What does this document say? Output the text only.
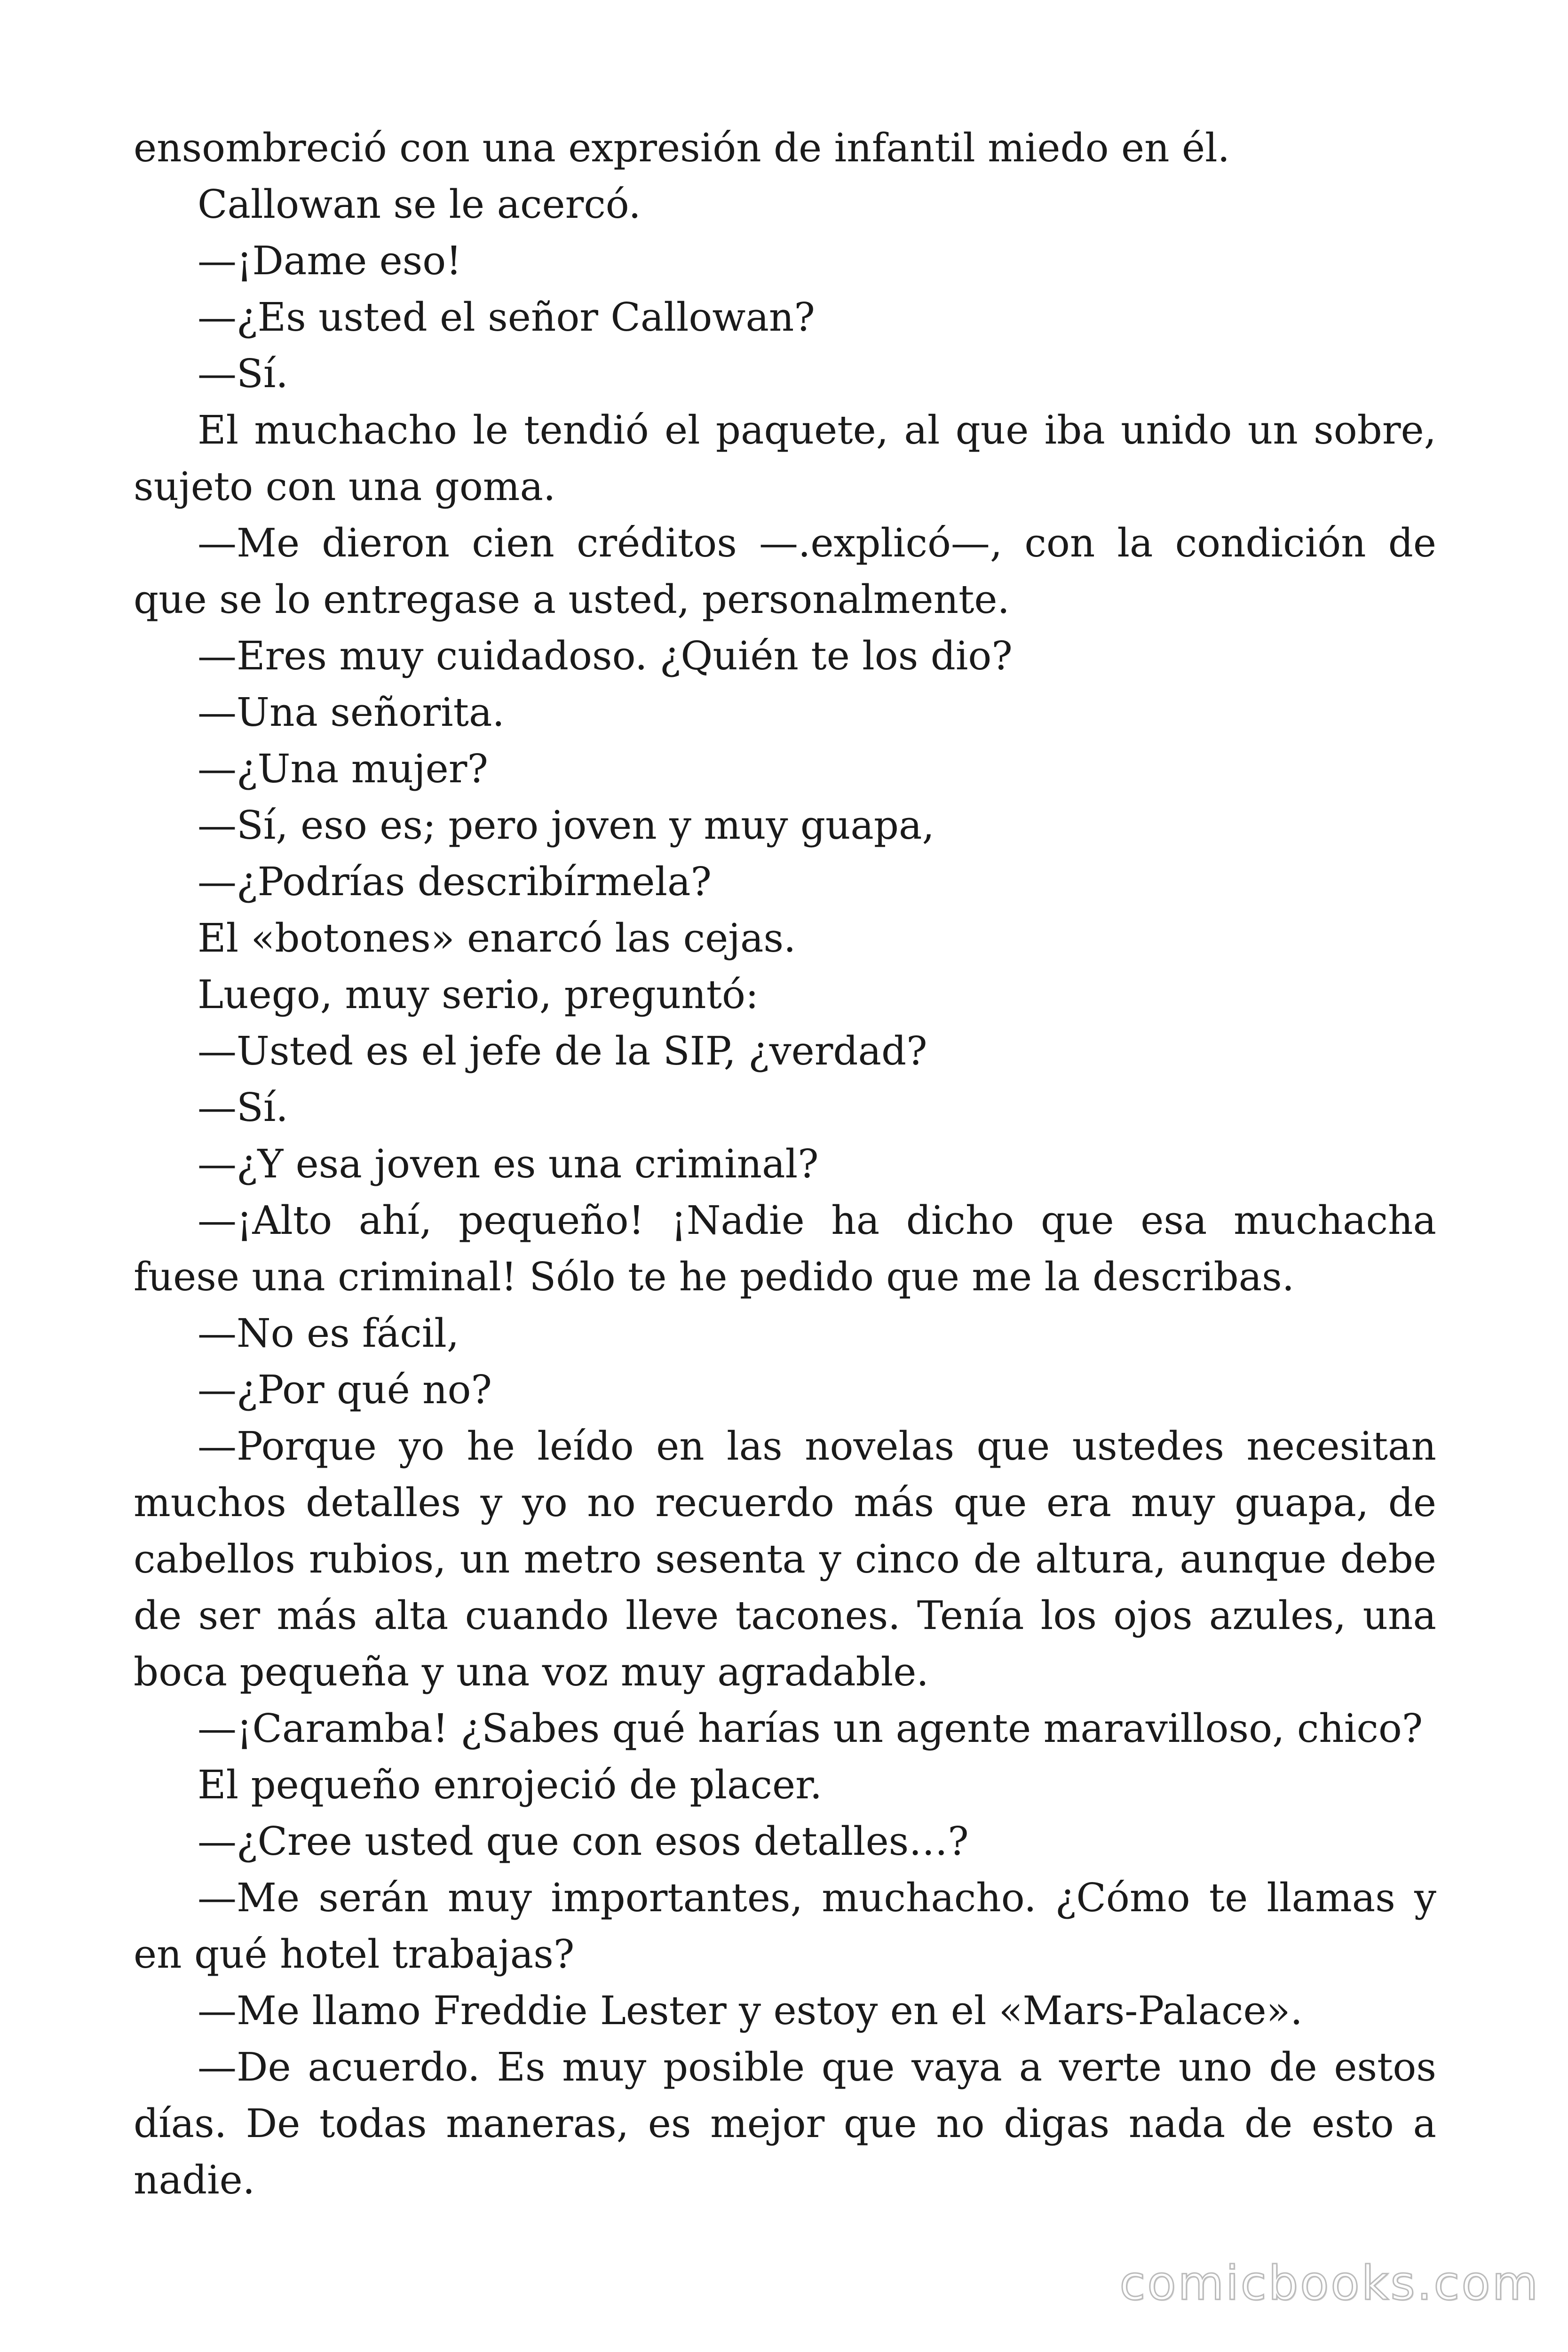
ensombreció con una expresión de infantil miedo en él.

Callowan se le acercó.

—¡Dame eso!

—¿Es usted el señor Callowan?

—Sí.

El muchacho le tendió el paquete, al que iba unido un sobre, sujeto con una goma.

—Me dieron cien créditos —.explicó—, con la condición de que se lo entregase a usted, personalmente.

—Eres muy cuidadoso. ¿Quién te los dio?

—Una señorita.

—¿Una mujer?

—Sí, eso es; pero joven y muy guapa,

—¿Podrías describírmela?

El «botones» enarcó las cejas.

Luego, muy serio, preguntó:

—Usted es el jefe de la SIP, ¿verdad?

—Sí.

—¿Y esa joven es una criminal?

—¡Alto ahí, pequeño! ¡Nadie ha dicho que esa muchacha fuese una criminal! Sólo te he pedido que me la describas.

—No es fácil,

—¿Por qué no?

—Porque yo he leído en las novelas que ustedes necesitan muchos detalles y yo no recuerdo más que era muy guapa, de cabellos rubios, un metro sesenta y cinco de altura, aunque debe de ser más alta cuando lleve tacones. Tenía los ojos azules, una boca pequeña y una voz muy agradable.

—¡Caramba! ¿Sabes qué harías un agente maravilloso, chico?

El pequeño enrojeció de placer.

—¿Cree usted que con esos detalles…?

—Me serán muy importantes, muchacho. ¿Cómo te llamas y en qué hotel trabajas?

—Me llamo Freddie Lester y estoy en el «Mars-Palace».

—De acuerdo. Es muy posible que vaya a verte uno de estos días. De todas maneras, es mejor que no digas nada de esto a nadie.

comicbooks.com
